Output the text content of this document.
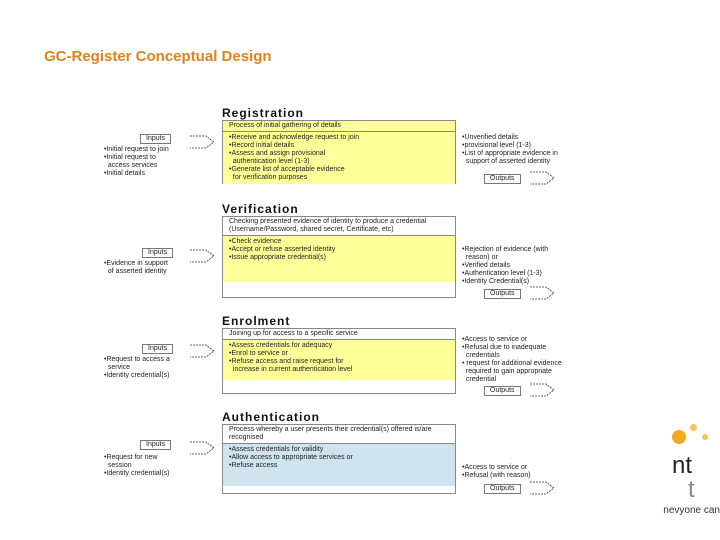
GC-Register Conceptual Design
Registration
Process of initial gathering of details
•Receive and acknowledge request to join
•Record initial details
•Assess and assign provisional
authentication level (1-3)
•Generate list of acceptable evidence
for verification purposes
Inputs
•Initial request to join
•Initial request to
access services
•Initial details
•Unverified details
•provisional level (1-3)
•List of appropriate evidence in
support of asserted identity
Outputs
Verification
Checking presented evidence of identity to produce a credential (Username/Password, shared secret, Certificate, etc)
•Check evidence
•Accept or refuse asserted identity
•Issue appropriate credential(s)
Inputs
•Evidence in support
of asserted identity
•Rejection of evidence (with
reason) or
•Verified details
•Authentication level (1-3)
•Identity Credential(s)
Outputs
Enrolment
Joining up for access to a specific service
•Assess credentials for adequacy
•Enrol to service or
•Refuse access and raise request for
increase in current authentication level
Inputs
•Request to access a
service
•Identity credential(s)
•Access to service or
•Refusal due to inadequate
credentials
• request for additional evidence
required to gain appropriate
credential
Outputs
Authentication
Process whereby a user presents their credential(s) offered is/are recognised
•Assess credentials for validity
•Allow access to appropriate services or
•Refuse access
Inputs
•Request for new
session
•Identity credential(s)
•Access to service or
•Refusal (with reason)
Outputs
nt
t
nevyone can
